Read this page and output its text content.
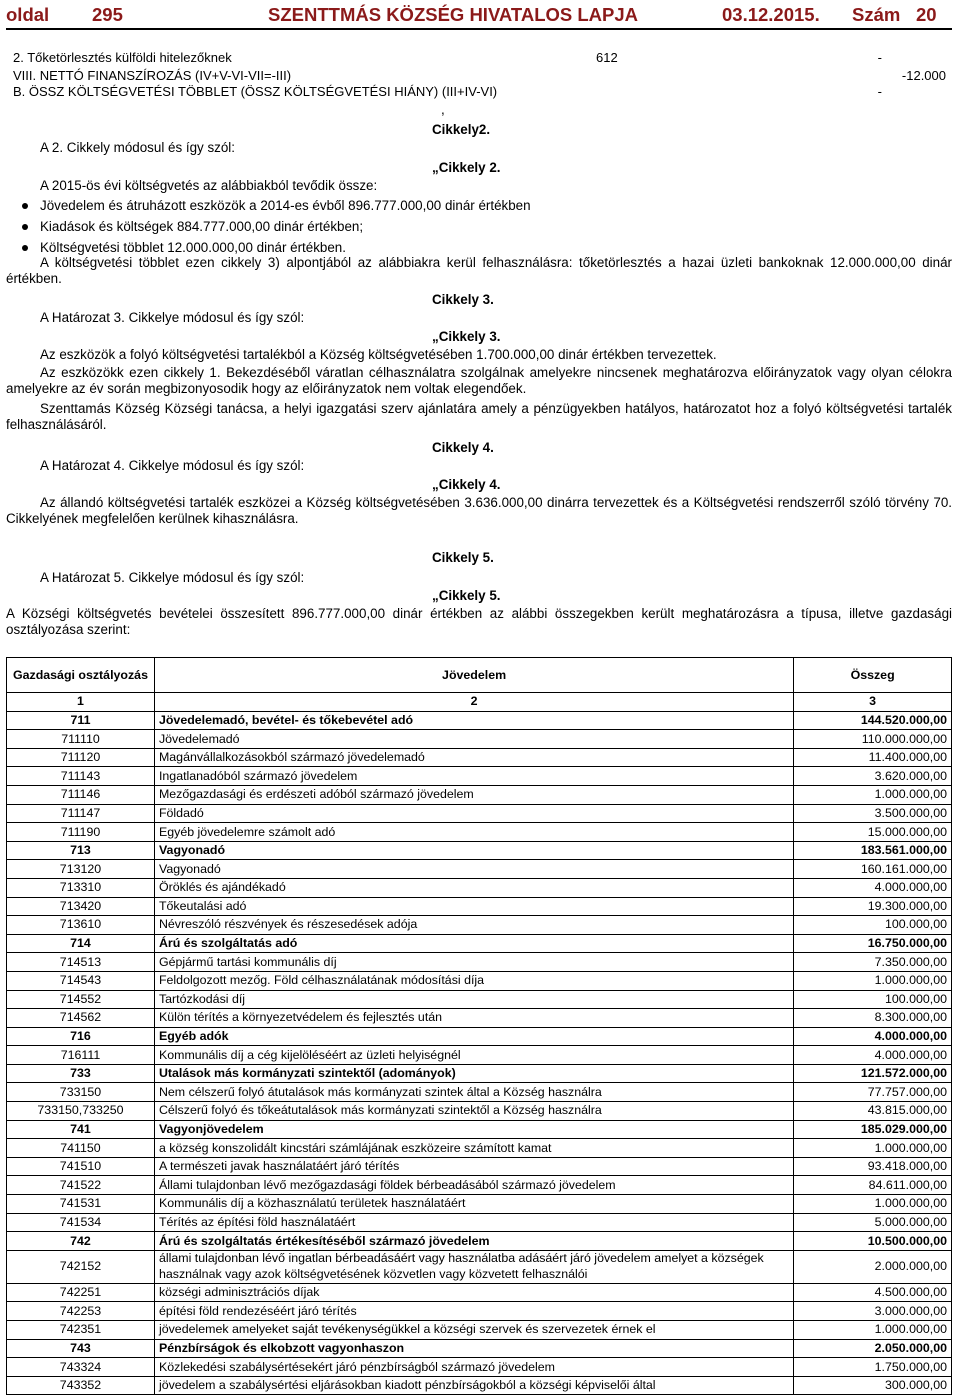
oldal 295	SZENTTMÁS KÖZSÉG HIVATALOS LAPJA	03.12.2015. Szám 20
2. Tőketörlesztés külföldi hitelezőknek	612	-
VIII. NETTÓ FINANSZÍROZÁS (IV+V-VI-VII=-III)	-12.000
B. ÖSSZ KÖLTSÉGVETÉSI TÖBBLET (ÖSSZ KÖLTSÉGVETÉSI HIÁNY) (III+IV-VI)	-
,
Cikkely2.
A 2. Cikkely módosul és így szól:
„Cikkely 2.
A 2015-ös évi költségvetés az alábbiakból tevődik össze:
Jövedelem és átruházott eszközök a 2014-es évből 896.777.000,00 dinár értékben
Kiadások és költségek 884.777.000,00 dinár értékben;
Költségvetési többlet 12.000.000,00 dinár értékben.
A költségvetési többlet ezen cikkely 3) alpontjából az alábbiakra kerül felhasználásra: tőketörlesztés a hazai üzleti bankoknak 12.000.000,00 dinár értékben.
Cikkely 3.
A Határozat 3. Cikkelye módosul és így szól:
„Cikkely 3.
Az eszközök a folyó költségvetési tartalékból a Község költségvetésében 1.700.000,00 dinár értékben tervezettek.
Az eszközökk ezen cikkely 1. Bekezdéséből váratlan célhasználatra szolgálnak amelyekre nincsenek meghatározva előirányzatok vagy olyan célokra amelyekre az év során megbizonyosodik hogy az előirányzatok nem voltak elegendőek.
Szenttamás Község Községi tanácsa, a helyi igazgatási szerv ajánlatára amely a pénzügyekben hatályos, határozatot hoz a folyó költségvetési tartalék felhasználásáról.
Cikkely 4.
A Határozat 4. Cikkelye módosul és így szól:
„Cikkely 4.
Az állandó költségvetési tartalék eszközei a Község költségvetésében 3.636.000,00 dinárra tervezettek és a Költségvetési rendszerről szóló törvény 70. Cikkelyének megfelelően kerülnek kihasználásra.
Cikkely 5.
A Határozat 5. Cikkelye módosul és így szól:
„Cikkely 5.
A Községi költségvetés bevételei összesített 896.777.000,00 dinár értékben az alábbi összegekben került meghatározásra a típusa, illetve gazdasági osztályozása szerint:
Gazdasági osztályozás	Jövedelem	Összeg
1	2	3
711	Jövedelemadó, bevétel- és tőkebevétel adó	144.520.000,00
711110	Jövedelemadó	110.000.000,00
711120	Magánvállalkozásokból származó jövedelemadó	11.400.000,00
711143	Ingatlanadóból származó jövedelem	3.620.000,00
711146	Mezőgazdasági és erdészeti adóból származó jövedelem	1.000.000,00
711147	Földadó	3.500.000,00
711190	Egyéb jövedelemre számolt adó	15.000.000,00
713	Vagyonadó	183.561.000,00
713120	Vagyonadó	160.161.000,00
713310	Öröklés és ajándékadó	4.000.000,00
713420	Tőkeutalási adó	19.300.000,00
713610	Névreszóló részvények és részesedések adója	100.000,00
714	Árú és szolgáltatás adó	16.750.000,00
714513	Gépjármű tartási kommunális díj	7.350.000,00
714543	Feldolgozott mezőg. Föld célhasználatának módosítási díja	1.000.000,00
714552	Tartózkodási díj	100.000,00
714562	Külön térítés a környezetvédelem és fejlesztés után	8.300.000,00
716	Egyéb adók	4.000.000,00
716111	Kommunális díj a cég kijelöléséért az üzleti helyiségnél	4.000.000,00
733	Utalások más kormányzati szintektől (adományok)	121.572.000,00
733150	Nem célszerű folyó átutalások más kormányzati szintek által a Község használra	77.757.000,00
733150,733250	Célszerű folyó és tőkeátutalások más kormányzati szintektől a Község használra	43.815.000,00
741	Vagyonjövedelem	185.029.000,00
741150	a község konszolidált kincstári számlájának eszközeire számított kamat	1.000.000,00
741510	A természeti javak használatáért járó térítés	93.418.000,00
741522	Állami tulajdonban lévő mezőgazdasági földek bérbeadásából származó jövedelem	84.611.000,00
741531	Kommunális díj a közhasználatú területek használatáért	1.000.000,00
741534	Térítés az építési föld használatáért	5.000.000,00
742	Árú és szolgáltatás értékesítéséből származó jövedelem	10.500.000,00
742152	állami tulajdonban lévő ingatlan bérbeadásáért vagy használatba adásáért járó jövedelem amelyet a községek használnak vagy azok költségvetésének közvetlen vagy közvetett felhasználói	2.000.000,00
742251	községi adminisztrációs díjak	4.500.000,00
742253	építési föld rendezéséért járó térítés	3.000.000,00
742351	jövedelemek amelyeket saját tevékenységükkel a községi szervek és szervezetek érnek el	1.000.000,00
743	Pénzbírságok és elkobzott vagyonhaszon	2.050.000,00
743324	Közlekedési szabálysértésekért járó pénzbírságból származó jövedelem	1.750.000,00
743352	jövedelem a szabálysértési eljárásokban kiadott pénzbírságokból a községi képviselői által	300.000,00
